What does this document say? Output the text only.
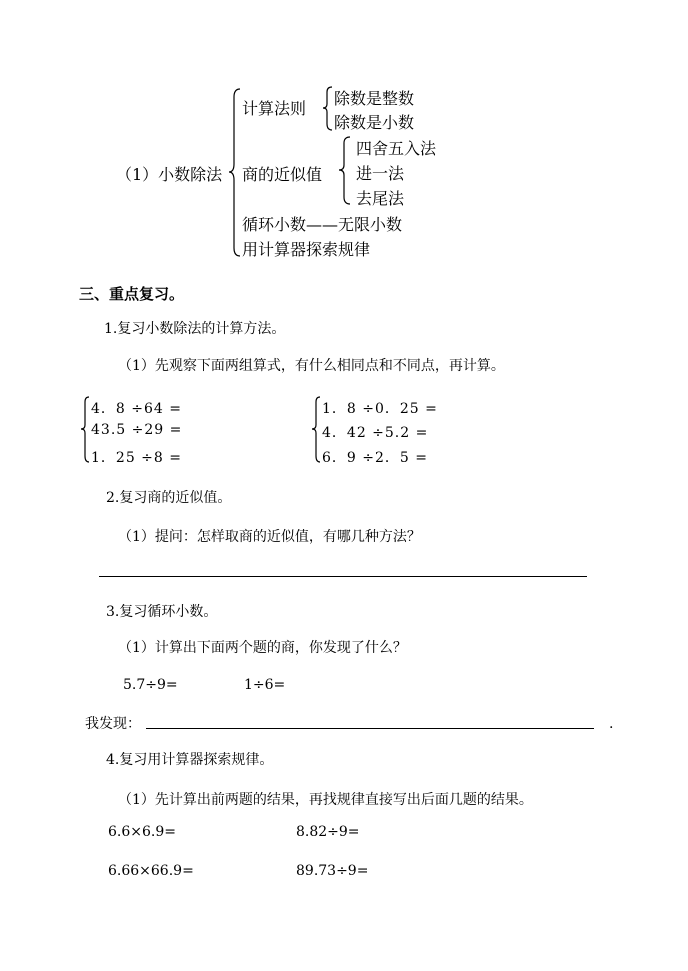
（1）小数除法
计算法则
除数是整数
除数是小数
商的近似值
四舍五入法
进一法
去尾法
循环小数——无限小数
用计算器探索规律
三、重点复习。
1.复习小数除法的计算方法。
（1）先观察下面两组算式，有什么相同点和不同点，再计算。
4．8 ÷64 =
43.5 ÷29 =
1．25 ÷8 =
1．8 ÷0．25 =
4．42 ÷5.2 =
6．9 ÷2．5 =
2.复习商的近似值。
（1）提问：怎样取商的近似值，有哪几种方法？
3.复习循环小数。
（1）计算出下面两个题的商，你发现了什么？
5.7÷9=	1÷6=
我发现：	.
4.复习用计算器探索规律。
（1）先计算出前两题的结果，再找规律直接写出后面几题的结果。
6.6×6.9=	8.82÷9=
6.66×66.9=	89.73÷9=
